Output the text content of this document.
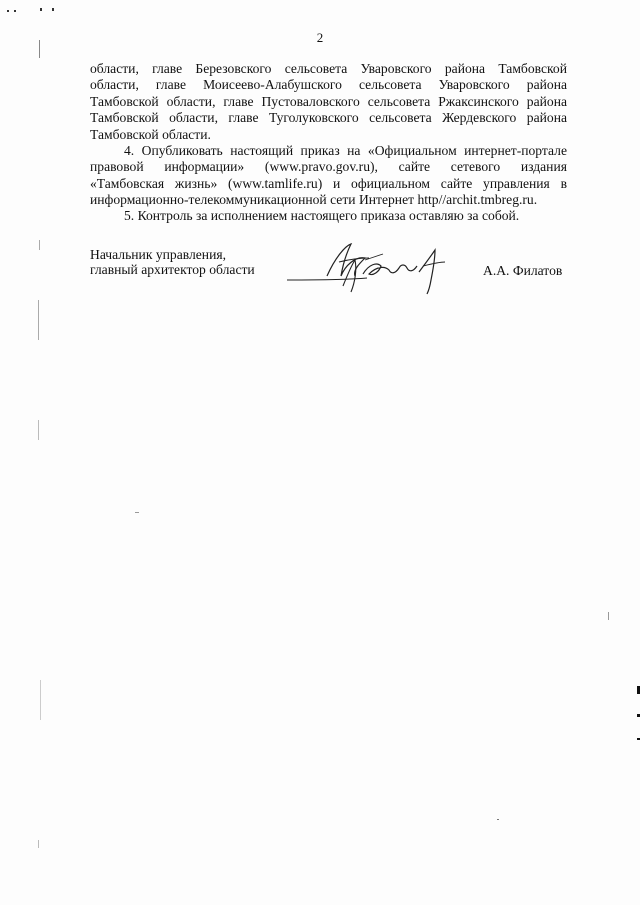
2
области, главе Березовского сельсовета Уваровского района Тамбовской
области, главе Моисеево-Алабушского сельсовета Уваровского района
Тамбовской области, главе Пустоваловского сельсовета Ржаксинского района
Тамбовской области, главе Туголуковского сельсовета Жердевского района
Тамбовской области.
4. Опубликовать настоящий приказ на «Официальном интернет-портале
правовой информации» (www.pravo.gov.ru), сайте сетевого издания
«Тамбовская жизнь» (www.tamlife.ru) и официальном сайте управления в
информационно-телекоммуникационной сети Интернет http//archit.tmbreg.ru.
5. Контроль за исполнением настоящего приказа оставляю за собой.
Начальник управления,
главный архитектор области	А.А. Филатов
